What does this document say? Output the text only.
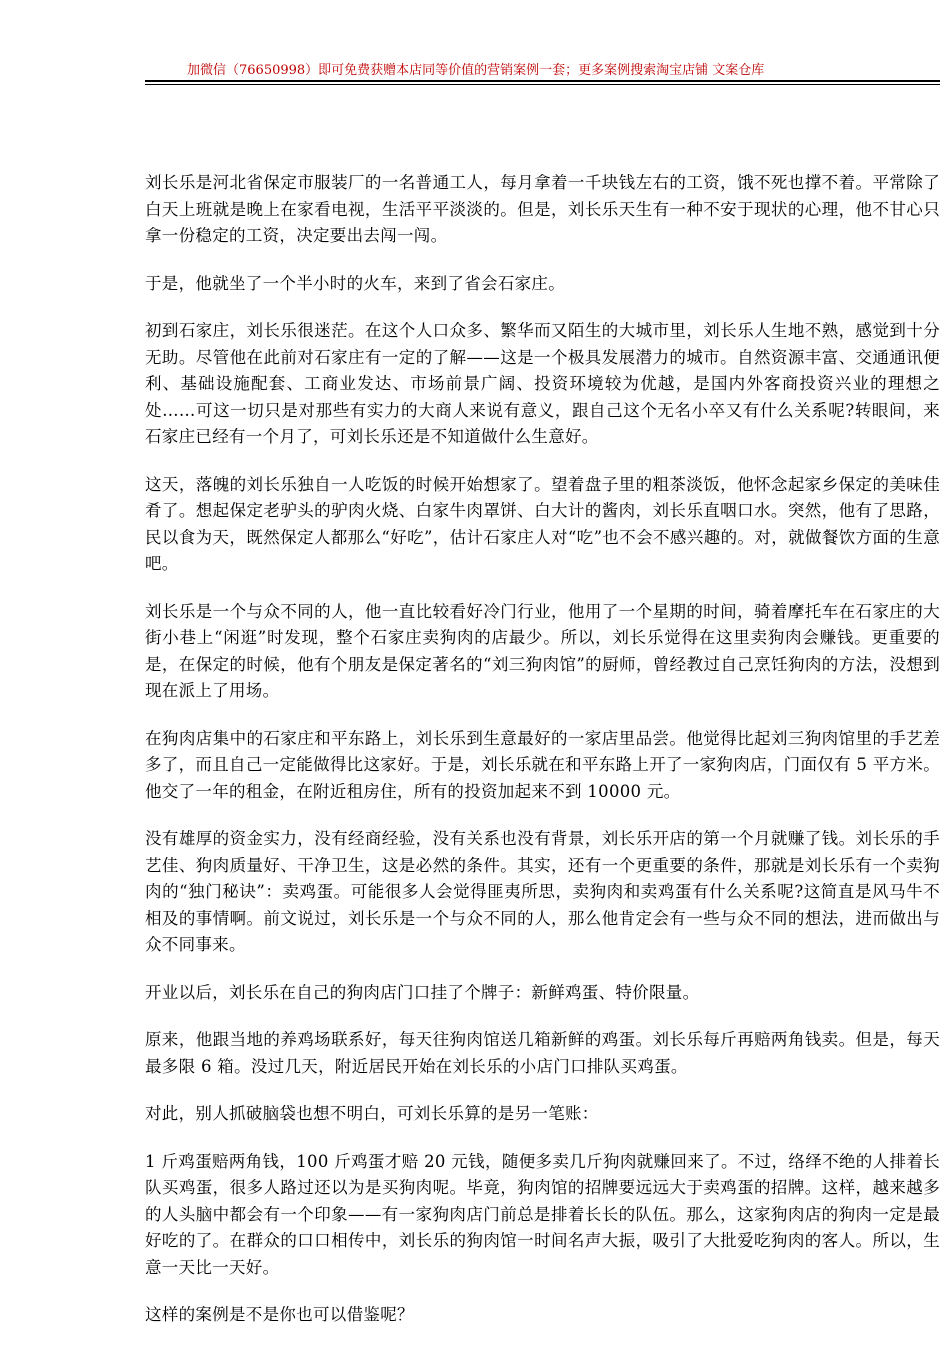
加微信（76650998）即可免费获赠本店同等价值的营销案例一套；更多案例搜索淘宝店铺 文案仓库

刘长乐是河北省保定市服装厂的一名普通工人，每月拿着一千块钱左右的工资，饿不死也撑不着。平常除了白天上班就是晚上在家看电视，生活平平淡淡的。但是，刘长乐天生有一种不安于现状的心理，他不甘心只拿一份稳定的工资，决定要出去闯一闯。

于是，他就坐了一个半小时的火车，来到了省会石家庄。

初到石家庄，刘长乐很迷茫。在这个人口众多、繁华而又陌生的大城市里，刘长乐人生地不熟，感觉到十分无助。尽管他在此前对石家庄有一定的了解——这是一个极具发展潜力的城市。自然资源丰富、交通通讯便利、基础设施配套、工商业发达、市场前景广阔、投资环境较为优越，是国内外客商投资兴业的理想之处……可这一切只是对那些有实力的大商人来说有意义，跟自己这个无名小卒又有什么关系呢?转眼间，来石家庄已经有一个月了，可刘长乐还是不知道做什么生意好。

这天，落魄的刘长乐独自一人吃饭的时候开始想家了。望着盘子里的粗茶淡饭，他怀念起家乡保定的美味佳肴了。想起保定老驴头的驴肉火烧、白家牛肉罩饼、白大计的酱肉，刘长乐直咽口水。突然，他有了思路，民以食为天，既然保定人都那么“好吃”，估计石家庄人对“吃”也不会不感兴趣的。对，就做餐饮方面的生意吧。

刘长乐是一个与众不同的人，他一直比较看好冷门行业，他用了一个星期的时间，骑着摩托车在石家庄的大街小巷上“闲逛”时发现，整个石家庄卖狗肉的店最少。所以，刘长乐觉得在这里卖狗肉会赚钱。更重要的是，在保定的时候，他有个朋友是保定著名的“刘三狗肉馆”的厨师，曾经教过自己烹饪狗肉的方法，没想到现在派上了用场。

在狗肉店集中的石家庄和平东路上，刘长乐到生意最好的一家店里品尝。他觉得比起刘三狗肉馆里的手艺差多了，而且自己一定能做得比这家好。于是，刘长乐就在和平东路上开了一家狗肉店，门面仅有 5 平方米。他交了一年的租金，在附近租房住，所有的投资加起来不到 10000 元。

没有雄厚的资金实力，没有经商经验，没有关系也没有背景，刘长乐开店的第一个月就赚了钱。刘长乐的手艺佳、狗肉质量好、干净卫生，这是必然的条件。其实，还有一个更重要的条件，那就是刘长乐有一个卖狗肉的“独门秘诀”：卖鸡蛋。可能很多人会觉得匪夷所思，卖狗肉和卖鸡蛋有什么关系呢?这简直是风马牛不相及的事情啊。前文说过，刘长乐是一个与众不同的人，那么他肯定会有一些与众不同的想法，进而做出与众不同事来。

开业以后，刘长乐在自己的狗肉店门口挂了个牌子：新鲜鸡蛋、特价限量。

原来，他跟当地的养鸡场联系好，每天往狗肉馆送几箱新鲜的鸡蛋。刘长乐每斤再赔两角钱卖。但是，每天最多限 6 箱。没过几天，附近居民开始在刘长乐的小店门口排队买鸡蛋。

对此，别人抓破脑袋也想不明白，可刘长乐算的是另一笔账：

1 斤鸡蛋赔两角钱，100 斤鸡蛋才赔 20 元钱，随便多卖几斤狗肉就赚回来了。不过，络绎不绝的人排着长队买鸡蛋，很多人路过还以为是买狗肉呢。毕竟，狗肉馆的招牌要远远大于卖鸡蛋的招牌。这样，越来越多的人头脑中都会有一个印象——有一家狗肉店门前总是排着长长的队伍。那么，这家狗肉店的狗肉一定是最好吃的了。在群众的口口相传中，刘长乐的狗肉馆一时间名声大振，吸引了大批爱吃狗肉的客人。所以，生意一天比一天好。

这样的案例是不是你也可以借鉴呢？
